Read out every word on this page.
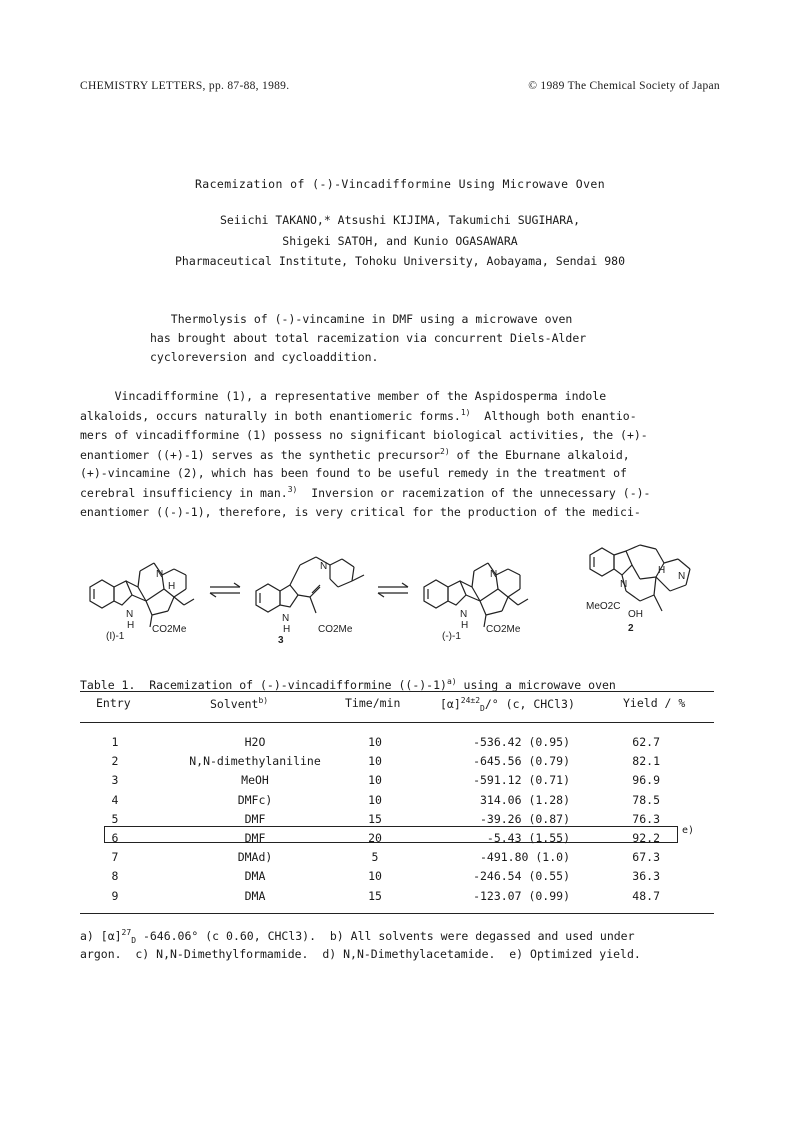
CHEMISTRY LETTERS, pp. 87-88, 1989.	© 1989 The Chemical Society of Japan
Racemization of (-)-Vincadifformine Using Microwave Oven
Seiichi TAKANO,* Atsushi KIJIMA, Takumichi SUGIHARA,
Shigeki SATOH, and Kunio OGASAWARA
Pharmaceutical Institute, Tohoku University, Aobayama, Sendai 980
Thermolysis of (-)-vincamine in DMF using a microwave oven
has brought about total racemization via concurrent Diels-Alder
cycloreversion and cycloaddition.
Vincadifformine (1), a representative member of the Aspidosperma indole
alkaloids, occurs naturally in both enantiomeric forms.$^{1)}$  Although both enantio-
mers of vincadifformine (1) possess no significant biological activities, the (+)-
enantiomer ((+)-1) serves as the synthetic precursor$^{2)}$ of the Eburnane alkaloid,
(+)-vincamine (2), which has been found to be useful remedy in the treatment of
cerebral insufficiency in man.$^{3)}$  Inversion or racemization of the unnecessary (-)-
enantiomer ((-)-1), therefore, is very critical for the production of the medici-
N
H
N
H CO2Me
(I)-1
N
N
H	CO2Me
3
N
N
H CO2Me
(-)-1
N
H
N
MeO2C
OH
2
Table 1.  Racemization of (-)-vincadifformine $((-)-1)^{a)}$ using a microwave oven
Entry	Solvent$^{b)}$	Time/min	$[\alpha]^{24\pm 2}_D/^\circ$ (c, CHCl3)	Yield / %
1	H2O	10	-536.42 (0.95)	62.7
2	N,N-dimethylaniline	10	-645.56 (0.79)	82.1
3	MeOH	10	-591.12 (0.71)	96.9
4	DMFc)	10	314.06 (1.28)	78.5
5	DMF	15	-39.26 (0.87)	76.3
6	DMF	20	-5.43 (1.55)	92.2
7	DMAd)	5	-491.80 (1.0)	67.3
8	DMA	10	-246.54 (0.55)	36.3
9	DMA	15	-123.07 (0.99)	48.7
e)
a) $[\alpha]^{27}_D$ -646.06° (c 0.60, CHCl3).  b) All solvents were degassed and used under
argon.  c) N,N-Dimethylformamide.  d) N,N-Dimethylacetamide.  e) Optimized yield.
